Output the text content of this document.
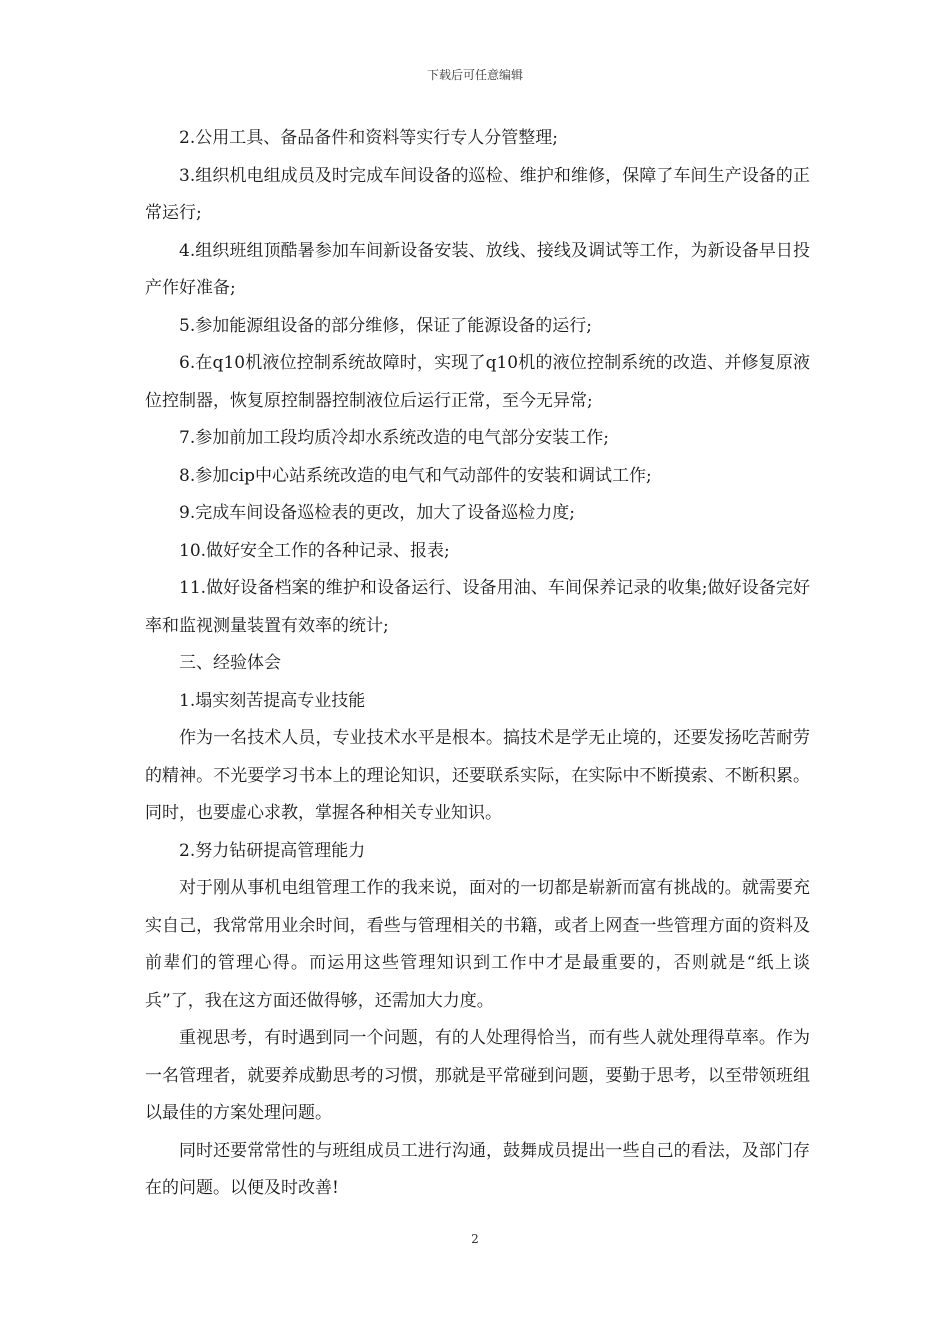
下载后可任意编辑

2.公用工具、备品备件和资料等实行专人分管整理;

3.组织机电组成员及时完成车间设备的巡检、维护和维修，保障了车间生产设备的正常运行;

4.组织班组顶酷暑参加车间新设备安装、放线、接线及调试等工作，为新设备早日投产作好准备;

5.参加能源组设备的部分维修，保证了能源设备的运行;

6.在q10机液位控制系统故障时，实现了q10机的液位控制系统的改造、并修复原液位控制器，恢复原控制器控制液位后运行正常，至今无异常;

7.参加前加工段均质冷却水系统改造的电气部分安装工作;

8.参加cip中心站系统改造的电气和气动部件的安装和调试工作;

9.完成车间设备巡检表的更改，加大了设备巡检力度;

10.做好安全工作的各种记录、报表;

11.做好设备档案的维护和设备运行、设备用油、车间保养记录的收集;做好设备完好率和监视测量装置有效率的统计;

三、经验体会

1.塌实刻苦提高专业技能

作为一名技术人员，专业技术水平是根本。搞技术是学无止境的，还要发扬吃苦耐劳的精神。不光要学习书本上的理论知识，还要联系实际，在实际中不断摸索、不断积累。同时，也要虚心求教，掌握各种相关专业知识。

2.努力钻研提高管理能力

对于刚从事机电组管理工作的我来说，面对的一切都是崭新而富有挑战的。就需要充实自己，我常常用业余时间，看些与管理相关的书籍，或者上网查一些管理方面的资料及前辈们的管理心得。而运用这些管理知识到工作中才是最重要的，否则就是“纸上谈兵”了，我在这方面还做得够，还需加大力度。

重视思考，有时遇到同一个问题，有的人处理得恰当，而有些人就处理得草率。作为一名管理者，就要养成勤思考的习惯，那就是平常碰到问题，要勤于思考，以至带领班组以最佳的方案处理问题。

同时还要常常性的与班组成员工进行沟通，鼓舞成员提出一些自己的看法，及部门存在的问题。以便及时改善!

2
